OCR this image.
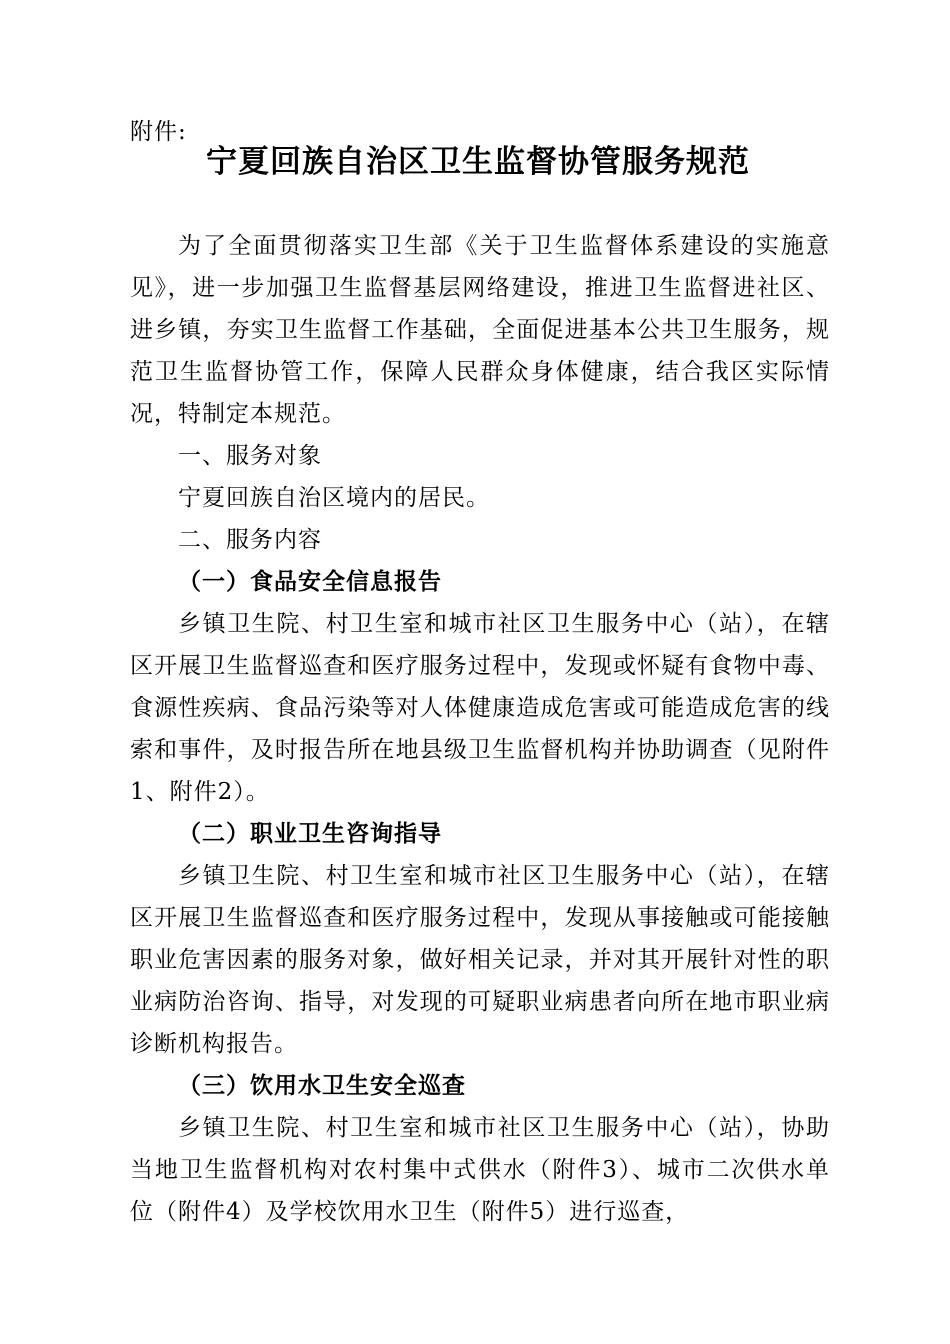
附件:
宁夏回族自治区卫生监督协管服务规范

为了全面贯彻落实卫生部《关于卫生监督体系建设的实施意见》，进一步加强卫生监督基层网络建设，推进卫生监督进社区、进乡镇，夯实卫生监督工作基础，全面促进基本公共卫生服务，规范卫生监督协管工作，保障人民群众身体健康，结合我区实际情况，特制定本规范。

一、服务对象

宁夏回族自治区境内的居民。

二、服务内容

（一）食品安全信息报告

乡镇卫生院、村卫生室和城市社区卫生服务中心（站），在辖区开展卫生监督巡查和医疗服务过程中，发现或怀疑有食物中毒、食源性疾病、食品污染等对人体健康造成危害或可能造成危害的线索和事件，及时报告所在地县级卫生监督机构并协助调查（见附件1、附件2）。

（二）职业卫生咨询指导

乡镇卫生院、村卫生室和城市社区卫生服务中心（站），在辖区开展卫生监督巡查和医疗服务过程中，发现从事接触或可能接触职业危害因素的服务对象，做好相关记录，并对其开展针对性的职业病防治咨询、指导，对发现的可疑职业病患者向所在地市职业病诊断机构报告。

（三）饮用水卫生安全巡查

乡镇卫生院、村卫生室和城市社区卫生服务中心（站），协助当地卫生监督机构对农村集中式供水（附件3）、城市二次供水单位（附件4）及学校饮用水卫生（附件5）进行巡查，
